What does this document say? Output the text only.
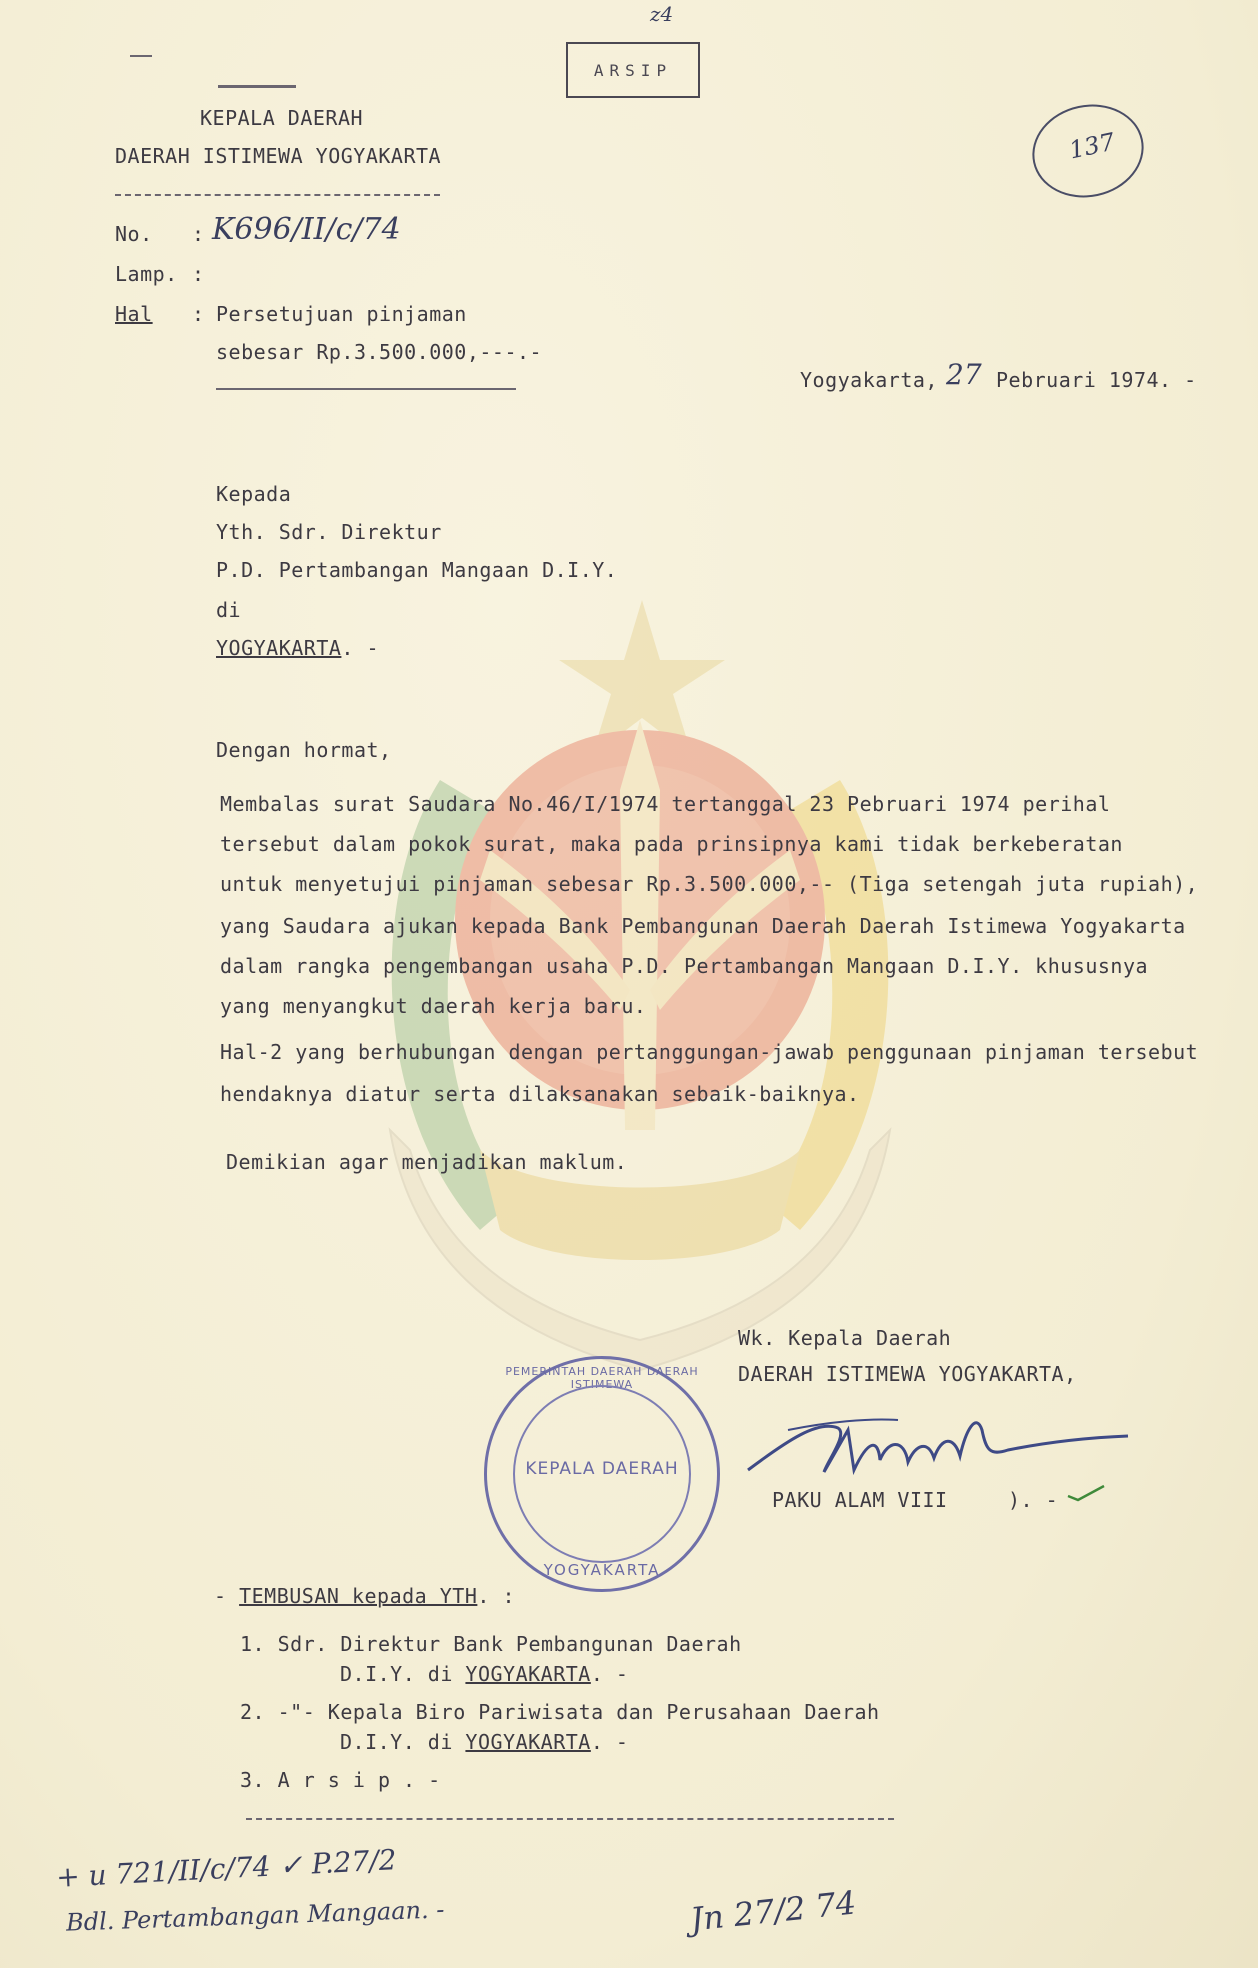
z4
ARSIP
137
KEPALA DAERAH
DAERAH ISTIMEWA YOGYAKARTA
No. : K696/II/c/74
Lamp. :
Hal : Persetujuan pinjaman
sebesar Rp.3.500.000,---.-
Yogyakarta, 27 Pebruari 1974. -
Kepada
Yth. Sdr. Direktur
P.D. Pertambangan Mangaan D.I.Y.
di
YOGYAKARTA. -
Dengan hormat,
Membalas surat Saudara No.46/I/1974 tertanggal 23 Pebruari 1974 perihal
tersebut dalam pokok surat, maka pada prinsipnya kami tidak berkeberatan
untuk menyetujui pinjaman sebesar Rp.3.500.000,-- (Tiga setengah juta rupiah),
yang Saudara ajukan kepada Bank Pembangunan Daerah Daerah Istimewa Yogyakarta
dalam rangka pengembangan usaha P.D. Pertambangan Mangaan D.I.Y. khususnya
yang menyangkut daerah kerja baru.
Hal-2 yang berhubungan dengan pertanggungan-jawab penggunaan pinjaman tersebut
hendaknya diatur serta dilaksanakan sebaik-baiknya.
Demikian agar menjadikan maklum.
Wk. Kepala Daerah
DAERAH ISTIMEWA YOGYAKARTA,
PAKU ALAM VIII	). -
PEMERINTAH DAERAH DAERAH ISTIMEWA
KEPALA DAERAH
YOGYAKARTA
- TEMBUSAN kepada YTH. :
1. Sdr. Direktur Bank Pembangunan Daerah
D.I.Y. di YOGYAKARTA. -
2. -"- Kepala Biro Pariwisata dan Perusahaan Daerah
D.I.Y. di YOGYAKARTA. -
3. A r s i p . -
+ u 721/II/c/74 ✓ P.27/2
Bdl. Pertambangan Mangaan. -	Jn 27/2 74
